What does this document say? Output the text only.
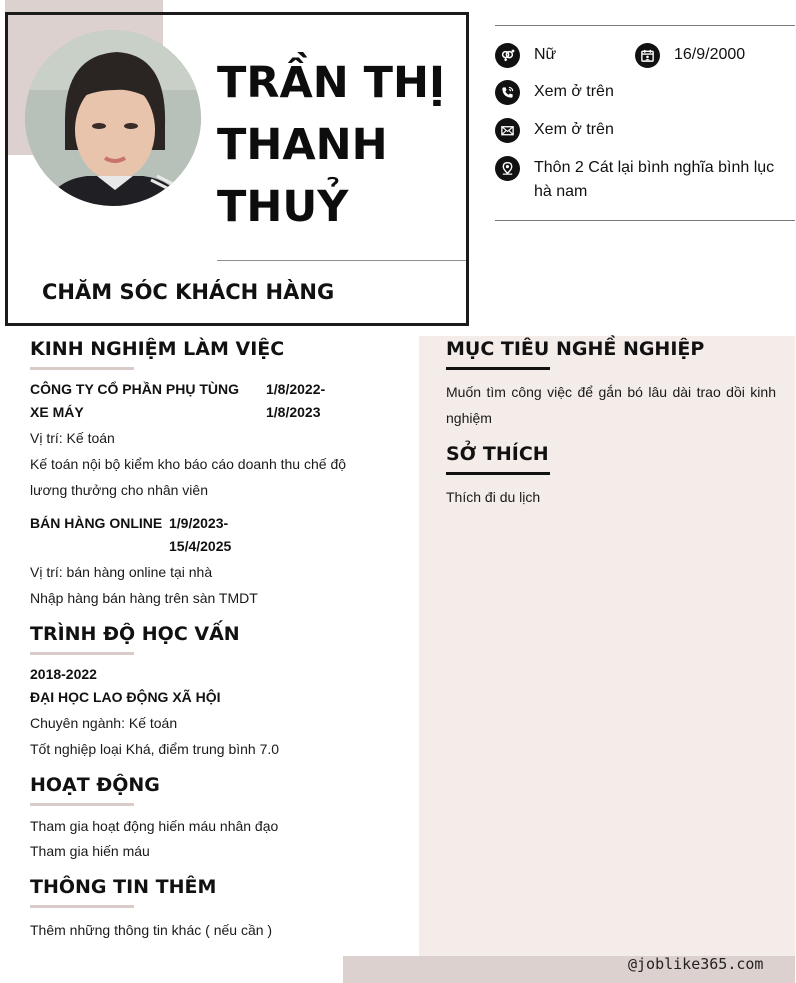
TRẦN THỊ
THANH
THUỶ
CHĂM SÓC KHÁCH HÀNG
Nữ	16/9/2000
Xem ở trên
Xem ở trên
Thôn 2 Cát lại bình nghĩa bình lục hà nam
KINH NGHIỆM LÀM VIỆC
CÔNG TY CỔ PHẦN PHỤ TÙNG XE MÁY
1/8/2022- 1/8/2023
Vị trí: Kế toán
Kế toán nội bộ kiểm kho báo cáo doanh thu chế độ lương thưởng cho nhân viên
BÁN HÀNG ONLINE 1/9/2023- 15/4/2025
Vị trí: bán hàng online tại nhà
Nhập hàng bán hàng trên sàn TMDT
TRÌNH ĐỘ HỌC VẤN
2018-2022
ĐẠI HỌC LAO ĐỘNG XÃ HỘI
Chuyên ngành: Kế toán
Tốt nghiệp loại Khá, điểm trung bình 7.0
HOẠT ĐỘNG
Tham gia hoạt động hiến máu nhân đạo
Tham gia hiến máu
THÔNG TIN THÊM
Thêm những thông tin khác ( nếu cần )
MỤC TIÊU NGHỀ NGHIỆP
Muốn tìm công việc để gắn bó lâu dài trao dồi kinh nghiệm
SỞ THÍCH
Thích đi du lịch
@joblike365.com
